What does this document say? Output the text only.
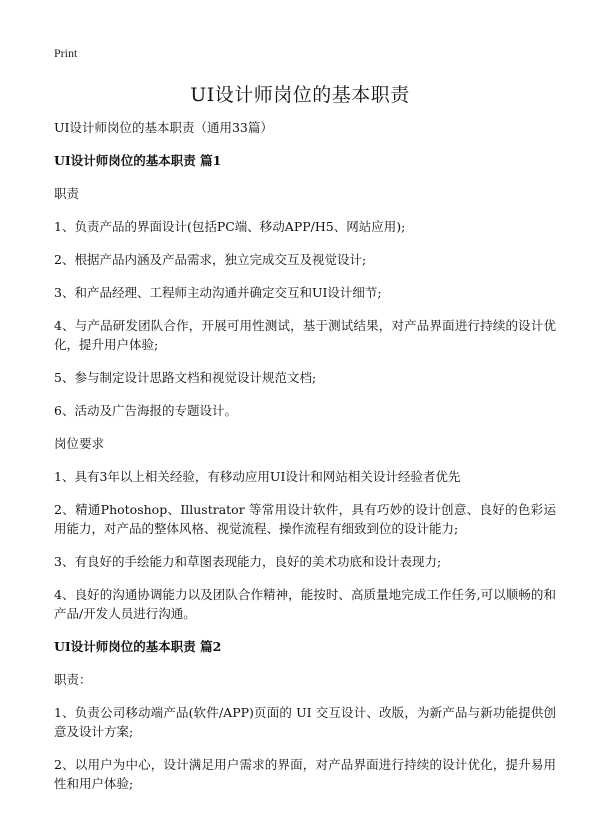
Print
UI设计师岗位的基本职责

UI设计师岗位的基本职责（通用33篇）

UI设计师岗位的基本职责 篇1

职责

1、负责产品的界面设计(包括PC端、移动APP/H5、网站应用);

2、根据产品内涵及产品需求，独立完成交互及视觉设计;

3、和产品经理、工程师主动沟通并确定交互和UI设计细节;

4、与产品研发团队合作，开展可用性测试，基于测试结果，对产品界面进行持续的设计优化，提升用户体验;

5、参与制定设计思路文档和视觉设计规范文档;

6、活动及广告海报的专题设计。

岗位要求

1、具有3年以上相关经验，有移动应用UI设计和网站相关设计经验者优先

2、精通Photoshop、Illustrator 等常用设计软件，具有巧妙的设计创意、良好的色彩运用能力，对产品的整体风格、视觉流程、操作流程有细致到位的设计能力;

3、有良好的手绘能力和草图表现能力，良好的美术功底和设计表现力;

4、良好的沟通协调能力以及团队合作精神，能按时、高质量地完成工作任务,可以顺畅的和产品/开发人员进行沟通。

UI设计师岗位的基本职责 篇2

职责：

1、负责公司移动端产品(软件/APP)页面的 UI 交互设计、改版，为新产品与新功能提供创意及设计方案;

2、以用户为中心，设计满足用户需求的界面，对产品界面进行持续的设计优化，提升易用性和用户体验;
